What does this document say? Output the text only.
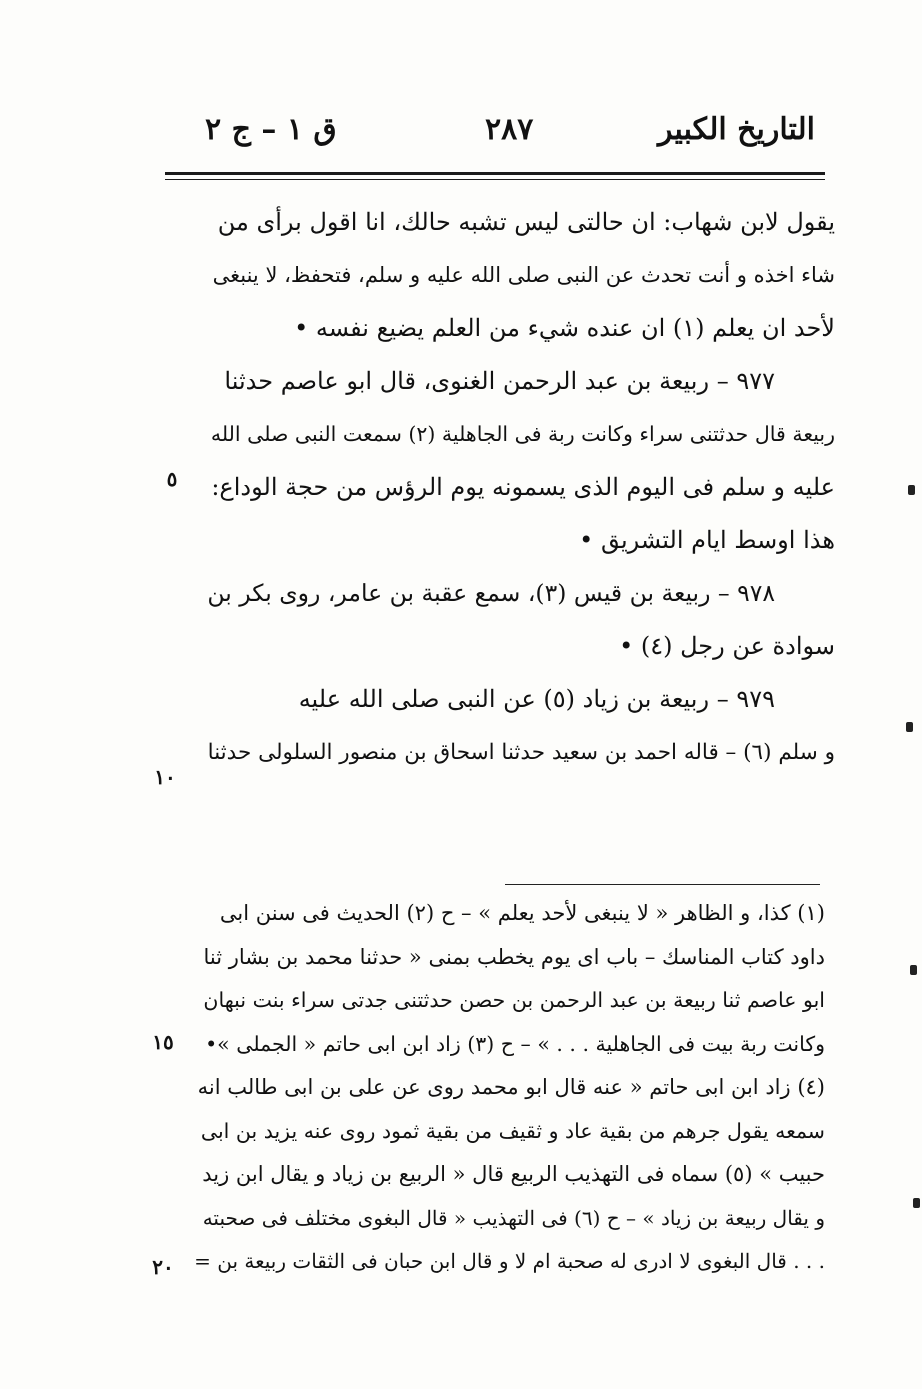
التاريخ الكبير
٢٨٧
ق ١ – ج ٢
يقول لابن شهاب: ان حالتى ليس تشبه حالك، انا اقول برأى من
شاء اخذه و أنت تحدث عن النبى صلى الله عليه و سلم، فتحفظ، لا ينبغى
لأحد ان يعلم (١) ان عنده شيء من العلم يضيع نفسه •
٩٧٧ – ربيعة بن عبد الرحمن الغنوى، قال ابو عاصم حدثنا
ربيعة قال حدثتنى سراء وكانت ربة فى الجاهلية (٢) سمعت النبى صلى الله
عليه و سلم فى اليوم الذى يسمونه يوم الرؤس من حجة الوداع:
هذا اوسط ايام التشريق •
٩٧٨ – ربيعة بن قيس (٣)، سمع عقبة بن عامر، روى بكر بن
سوادة عن رجل (٤) •
٩٧٩ – ربيعة بن زياد (٥) عن النبى صلى الله عليه
و سلم (٦) – قاله احمد بن سعيد حدثنا اسحاق بن منصور السلولى حدثنا
(١) كذا، و الظاهر « لا ينبغى لأحد يعلم » – ح (٢) الحديث فى سنن ابى
داود كتاب المناسك – باب اى يوم يخطب بمنى « حدثنا محمد بن بشار ثنا
ابو عاصم ثنا ربيعة بن عبد الرحمن بن حصن حدثتنى جدتى سراء بنت نبهان
وكانت ربة بيت فى الجاهلية . . . » – ح (٣) زاد ابن ابى حاتم « الجملى »•
(٤) زاد ابن ابى حاتم « عنه قال ابو محمد روى عن على بن ابى طالب انه
سمعه يقول جرهم من بقية عاد و ثقيف من بقية ثمود روى عنه يزيد بن ابى
حبيب » (٥) سماه فى التهذيب الربيع قال « الربيع بن زياد و يقال ابن زيد
و يقال ربيعة بن زياد » – ح (٦) فى التهذيب « قال البغوى مختلف فى صحبته
. . . قال البغوى لا ادرى له صحبة ام لا و قال ابن حبان فى الثقات ربيعة بن =
٥
١٠
١٥
٢٠
